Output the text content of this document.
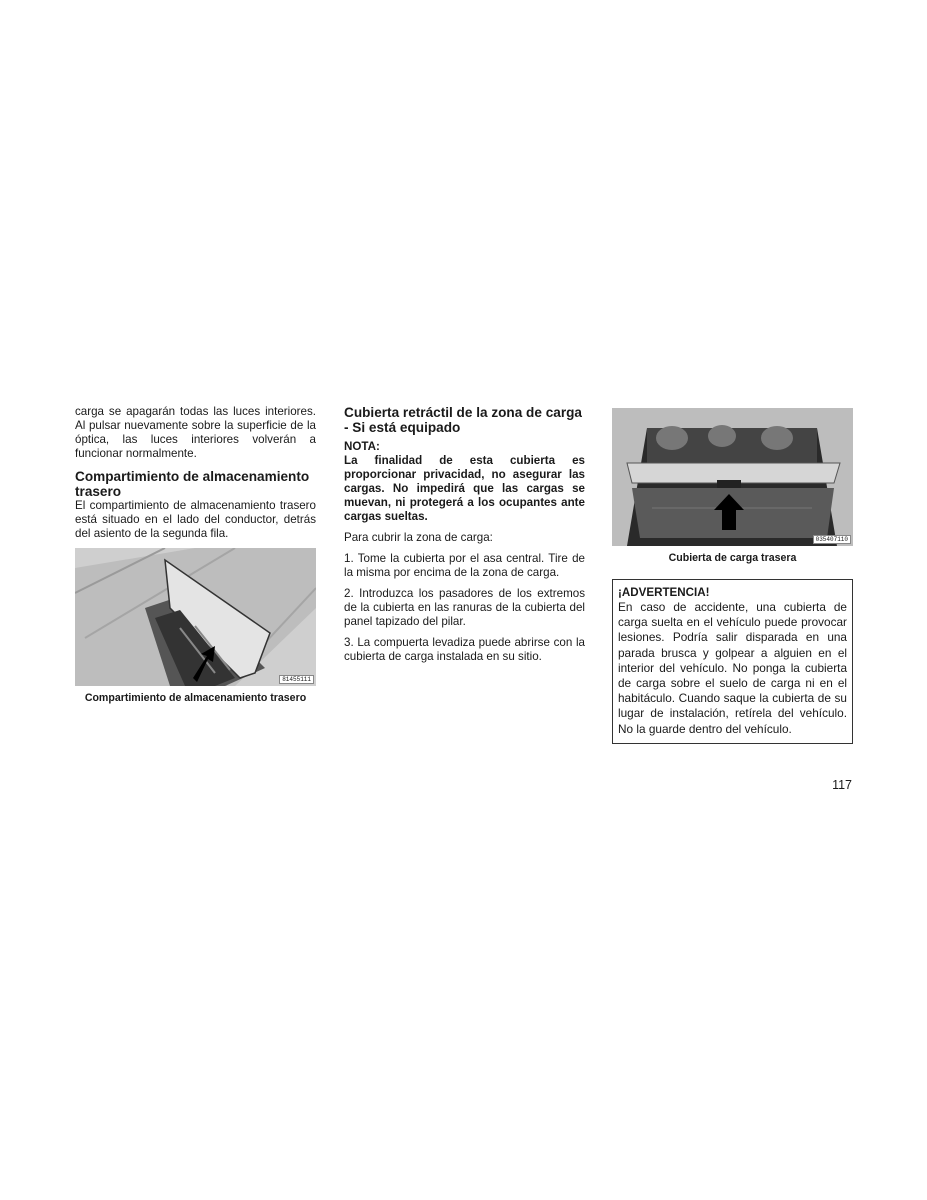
carga se apagarán todas las luces interiores. Al pulsar nuevamente sobre la superficie de la óptica, las luces interiores volverán a funcionar normalmente.

Compartimiento de almacenamiento trasero

El compartimiento de almacenamiento trasero está situado en el lado del conductor, detrás del asiento de la segunda fila.

81455111
Compartimiento de almacenamiento trasero
Cubierta retráctil de la zona de carga - Si está equipado
NOTA:

La finalidad de esta cubierta es proporcionar privacidad, no asegurar las cargas. No impedirá que las cargas se muevan, ni protegerá a los ocupantes ante cargas sueltas.

Para cubrir la zona de carga:

1. Tome la cubierta por el asa central. Tire de la misma por encima de la zona de carga.

2. Introduzca los pasadores de los extremos de la cubierta en las ranuras de la cubierta del panel tapizado del pilar.

3. La compuerta levadiza puede abrirse con la cubierta de carga instalada en su sitio.

035407110
Cubierta de carga trasera
¡ADVERTENCIA!

En caso de accidente, una cubierta de carga suelta en el vehículo puede provocar lesiones. Podría salir disparada en una parada brusca y golpear a alguien en el interior del vehículo. No ponga la cubierta de carga sobre el suelo de carga ni en el habitáculo. Cuando saque la cubierta de su lugar de instalación, retírela del vehículo. No la guarde dentro del vehículo.

117
